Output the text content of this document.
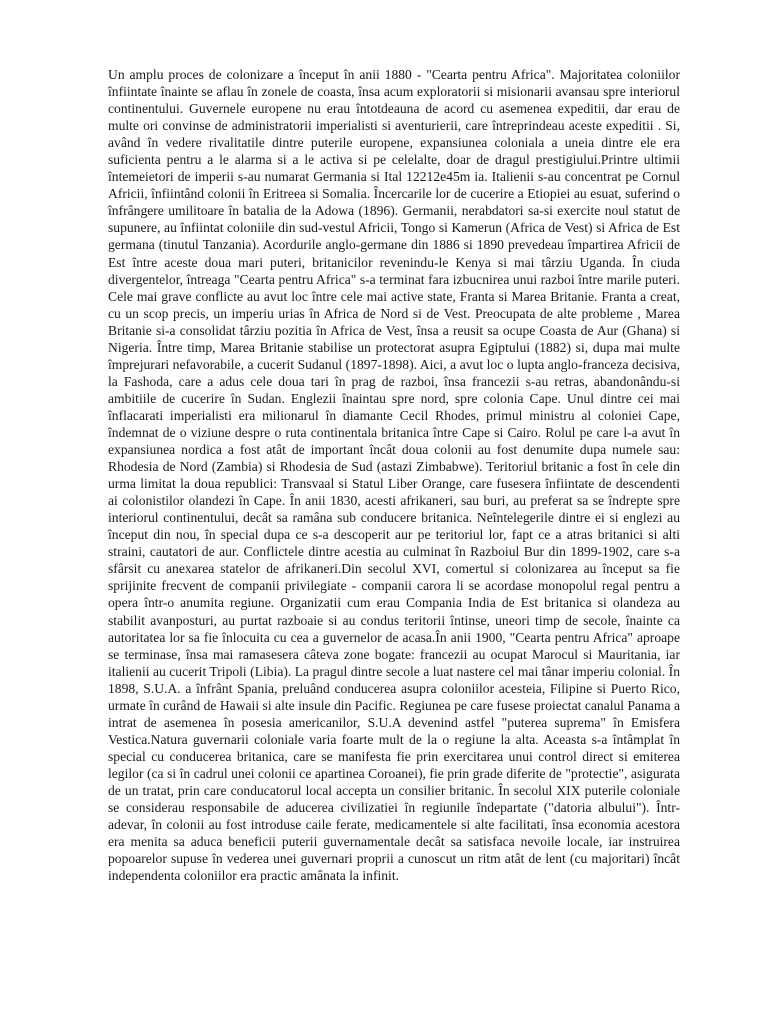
Un amplu proces de colonizare a început în anii 1880 - "Cearta pentru Africa". Majoritatea coloniilor înfiintate înainte se aflau în zonele de coasta, însa acum exploratorii si misionarii avansau spre interiorul continentului. Guvernele europene nu erau întotdeauna de acord cu asemenea expeditii, dar erau de multe ori convinse de administratorii imperialisti si aventurierii, care întreprindeau aceste expeditii . Si, având în vedere rivalitatile dintre puterile europene, expansiunea coloniala a uneia dintre ele era suficienta pentru a le alarma si a le activa si pe celelalte, doar de dragul prestigiului.Printre ultimii întemeietori de imperii s-au numarat Germania si Ital 12212e45m ia. Italienii s-au concentrat pe Cornul Africii, înfiintând colonii în Eritreea si Somalia. Încercarile lor de cucerire a Etiopiei au esuat, suferind o înfrângere umilitoare în batalia de la Adowa (1896). Germanii, nerabdatori sa-si exercite noul statut de supunere, au înfiintat coloniile din sud-vestul Africii, Tongo si Kamerun (Africa de Vest) si Africa de Est germana (tinutul Tanzania). Acordurile anglo-germane din 1886 si 1890 prevedeau împartirea Africii de Est între aceste doua mari puteri, britanicilor revenindu-le Kenya si mai târziu Uganda. În ciuda divergentelor, întreaga "Cearta pentru Africa" s-a terminat fara izbucnirea unui razboi între marile puteri. Cele mai grave conflicte au avut loc între cele mai active state, Franta si Marea Britanie. Franta a creat, cu un scop precis, un imperiu urias în Africa de Nord si de Vest. Preocupata de alte probleme , Marea Britanie si-a consolidat târziu pozitia în Africa de Vest, însa a reusit sa ocupe Coasta de Aur (Ghana) si Nigeria. Între timp, Marea Britanie stabilise un protectorat asupra Egiptului (1882) si, dupa mai multe împrejurari nefavorabile, a cucerit Sudanul (1897-1898). Aici, a avut loc o lupta anglo-franceza decisiva, la Fashoda, care a adus cele doua tari în prag de razboi, însa francezii s-au retras, abandonându-si ambitiile de cucerire în Sudan. Englezii înaintau spre nord, spre colonia Cape. Unul dintre cei mai înflacarati imperialisti era milionarul în diamante Cecil Rhodes, primul ministru al coloniei Cape, îndemnat de o viziune despre o ruta continentala britanica între Cape si Cairo. Rolul pe care l-a avut în expansiunea nordica a fost atât de important încât doua colonii au fost denumite dupa numele sau: Rhodesia de Nord (Zambia) si Rhodesia de Sud (astazi Zimbabwe). Teritoriul britanic a fost în cele din urma limitat la doua republici: Transvaal si Statul Liber Orange, care fusesera înfiintate de descendenti ai colonistilor olandezi în Cape. În anii 1830, acesti afrikaneri, sau buri, au preferat sa se îndrepte spre interiorul continentului, decât sa ramâna sub conducere britanica. Neîntelegerile dintre ei si englezi au început din nou, în special dupa ce s-a descoperit aur pe teritoriul lor, fapt ce a atras britanici si alti straini, cautatori de aur. Conflictele dintre acestia au culminat în Razboiul Bur din 1899-1902, care s-a sfârsit cu anexarea statelor de afrikaneri.Din secolul XVI, comertul si colonizarea au început sa fie sprijinite frecvent de companii privilegiate - companii carora li se acordase monopolul regal pentru a opera într-o anumita regiune. Organizatii cum erau Compania India de Est britanica si olandeza au stabilit avanposturi, au purtat razboaie si au condus teritorii întinse, uneori timp de secole, înainte ca autoritatea lor sa fie înlocuita cu cea a guvernelor de acasa.În anii 1900, "Cearta pentru Africa" aproape se terminase, însa mai ramasesera câteva zone bogate: francezii au ocupat Marocul si Mauritania, iar italienii au cucerit Tripoli (Libia). La pragul dintre secole a luat nastere cel mai tânar imperiu colonial. În 1898, S.U.A. a înfrânt Spania, preluând conducerea asupra coloniilor acesteia, Filipine si Puerto Rico, urmate în curând de Hawaii si alte insule din Pacific. Regiunea pe care fusese proiectat canalul Panama a intrat de asemenea în posesia americanilor, S.U.A devenind astfel "puterea suprema" în Emisfera Vestica.Natura guvernarii coloniale varia foarte mult de la o regiune la alta. Aceasta s-a întâmplat în special cu conducerea britanica, care se manifesta fie prin exercitarea unui control direct si emiterea legilor (ca si în cadrul unei colonii ce apartinea Coroanei), fie prin grade diferite de "protectie", asigurata de un tratat, prin care conducatorul local accepta un consilier britanic. În secolul XIX puterile coloniale se considerau responsabile de aducerea civilizatiei în regiunile îndepartate ("datoria albului"). Într-adevar, în colonii au fost introduse caile ferate, medicamentele si alte facilitati, însa economia acestora era menita sa aduca beneficii puterii guvernamentale decât sa satisfaca nevoile locale, iar instruirea popoarelor supuse în vederea unei guvernari proprii a cunoscut un ritm atât de lent (cu majoritari) încât independenta coloniilor era practic amânata la infinit.
